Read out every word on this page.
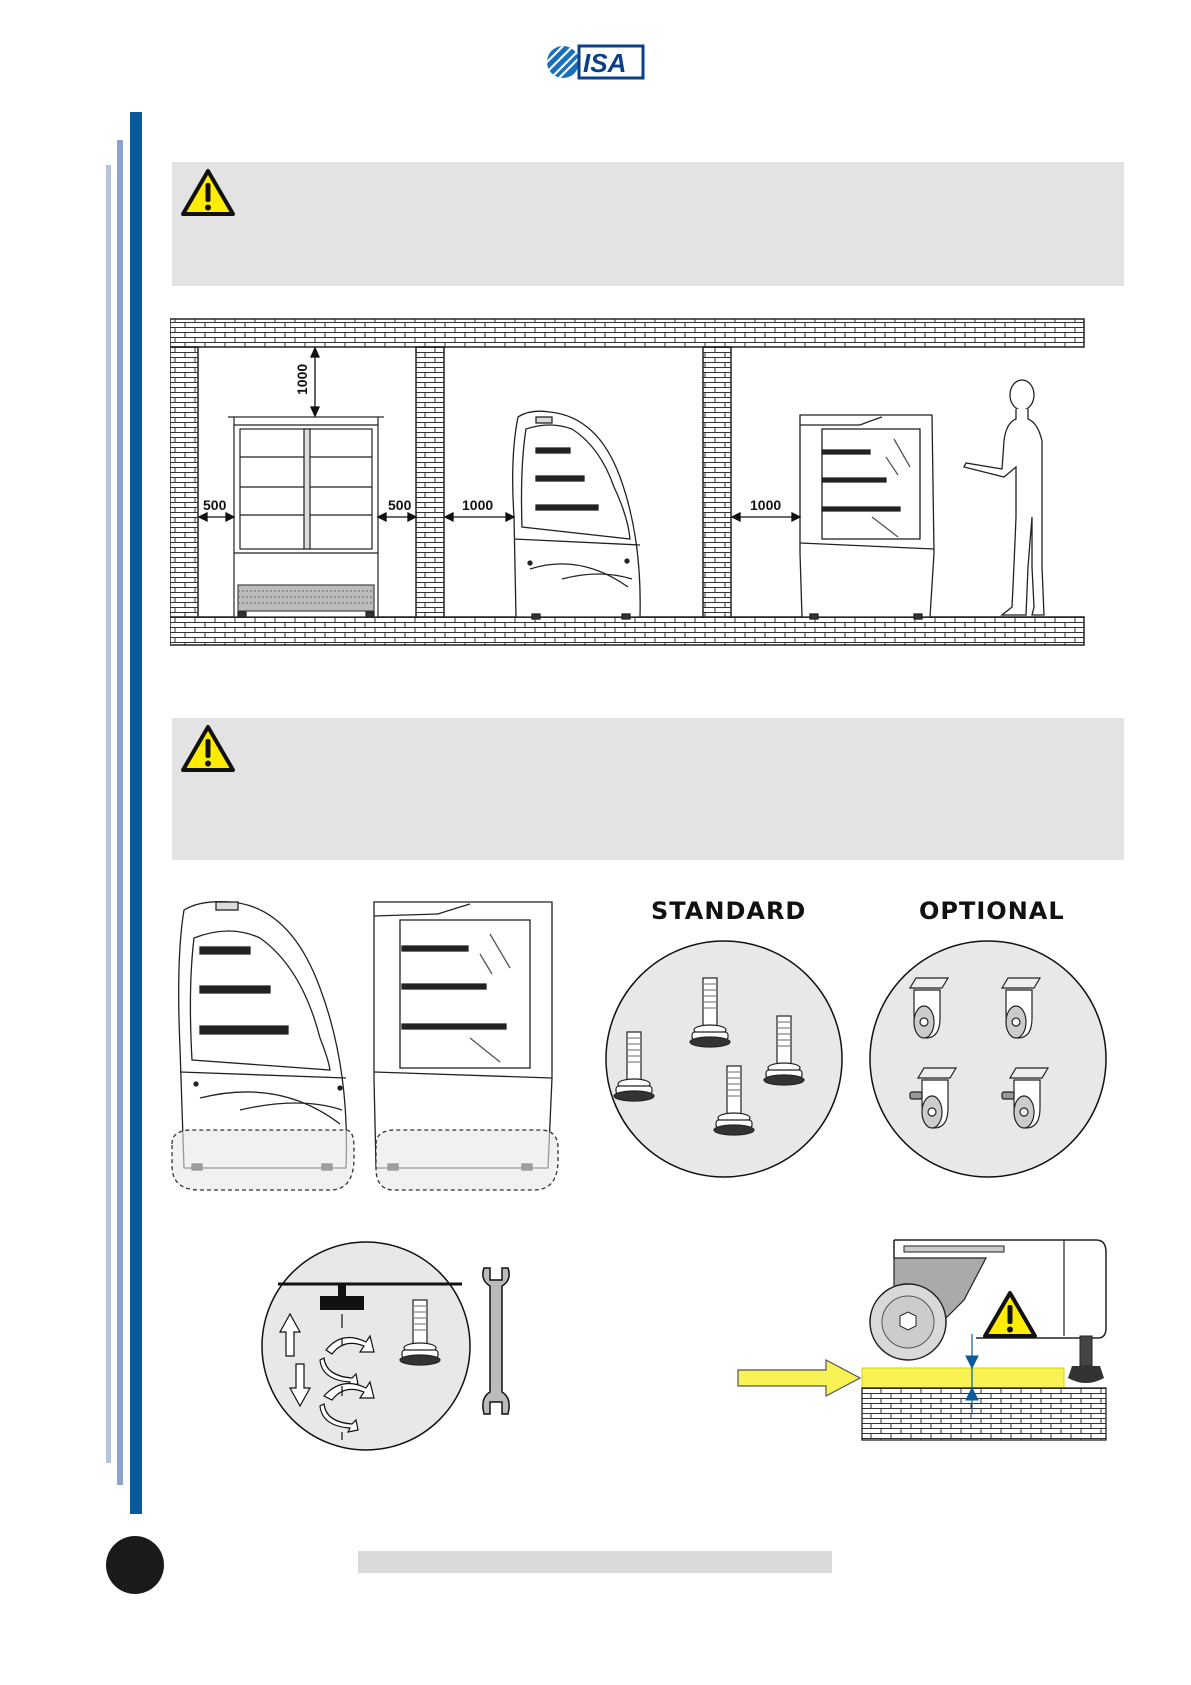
ISA
1000
500	500	1000	1000
STANDARD	OPTIONAL
